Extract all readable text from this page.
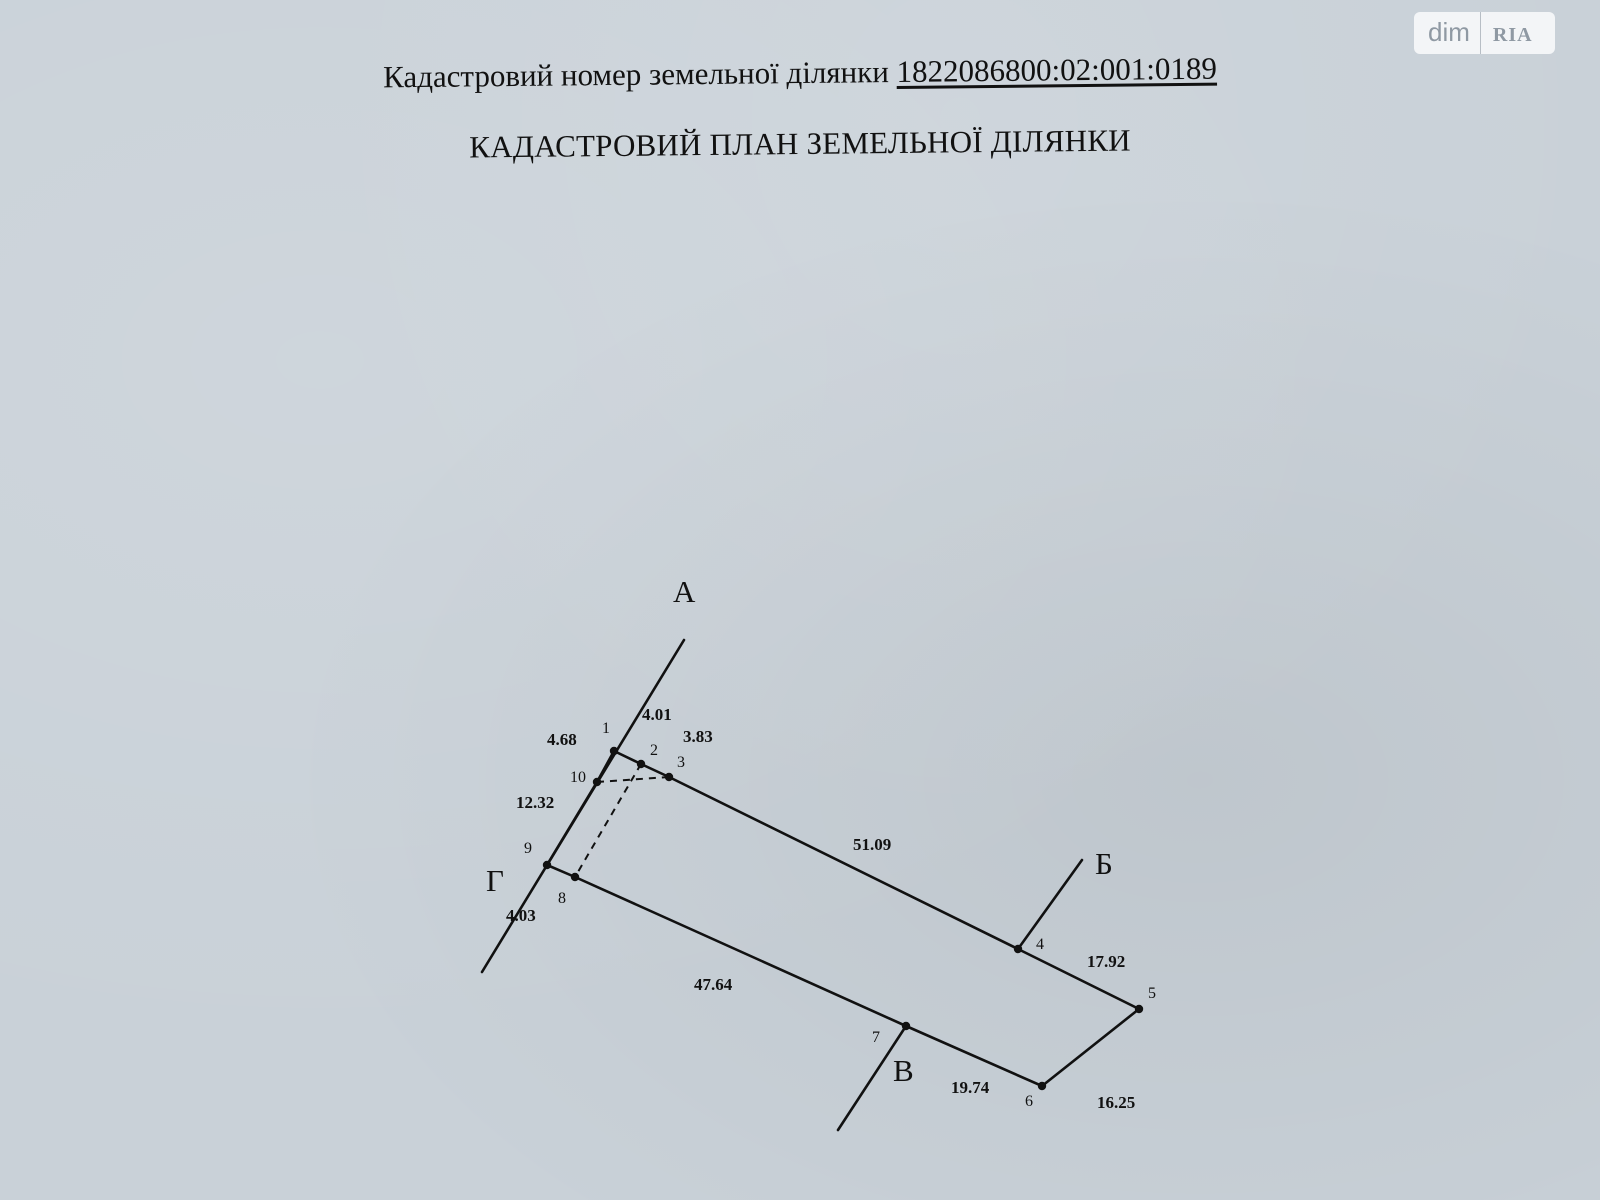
Кадастровий номер земельної ділянки 1822086800:02:001:0189
КАДАСТРОВИЙ ПЛАН ЗЕМЕЛЬНОЇ ДІЛЯНКИ
dim	RIA
А
Б
В
Г
1
2
3
4
5
6
7
8
9
10
4.01
3.83
4.68
12.32
51.09
17.92
16.25
19.74
47.64
4.03
